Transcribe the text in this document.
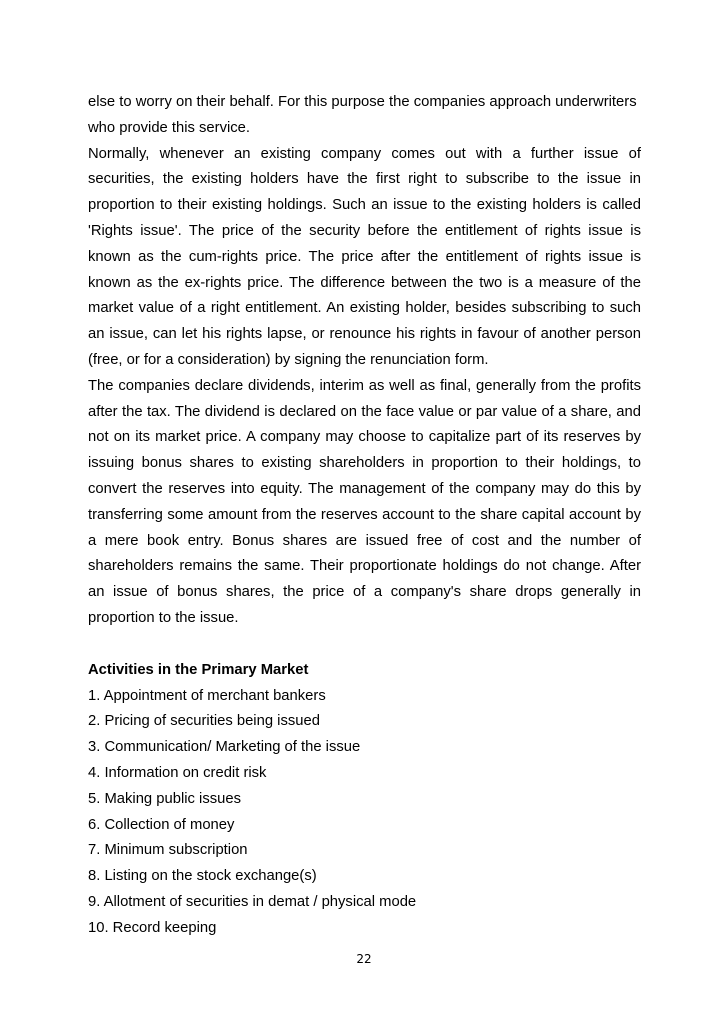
else to worry on their behalf. For this purpose the companies approach underwriters
who provide this service.
Normally, whenever an existing company comes out with a further issue of
securities, the existing holders have the first right to subscribe to the issue in
proportion to their existing holdings. Such an issue to the existing holders is called
'Rights issue'. The price of the security before the entitlement of rights issue is
known as the cum-rights price. The price after the entitlement of rights issue is
known as the ex-rights price. The difference between the two is a measure of the
market value of a right entitlement. An existing holder, besides subscribing to such
an issue, can let his rights lapse, or renounce his rights in favour of another person
(free, or for a consideration) by signing the renunciation form.
The companies declare dividends, interim as well as final, generally from the profits
after the tax. The dividend is declared on the face value or par value of a share, and
not on its market price. A company may choose to capitalize part of its reserves by
issuing bonus shares to existing shareholders in proportion to their holdings, to
convert the reserves into equity. The management of the company may do this by
transferring some amount from the reserves account to the share capital account by
a mere book entry. Bonus shares are issued free of cost and the number of
shareholders remains the same. Their proportionate holdings do not change. After
an issue of bonus shares, the price of a company's share drops generally in
proportion to the issue.
Activities in the Primary Market
1. Appointment of merchant bankers
2. Pricing of securities being issued
3. Communication/ Marketing of the issue
4. Information on credit risk
5. Making public issues
6. Collection of money
7. Minimum subscription
8. Listing on the stock exchange(s)
9. Allotment of securities in demat / physical mode
10. Record keeping
22
